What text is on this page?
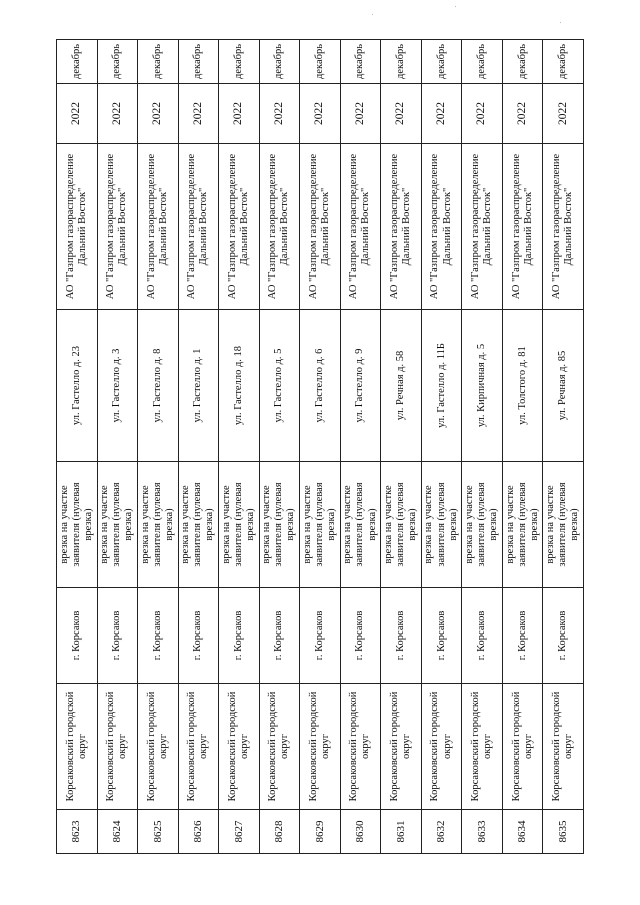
8623	Корсаковский городской округ	г. Корсаков	врезка на участке заявителя (нулевая врезка)	ул. Гастелло д. 23	АО "Газпром газораспределение Дальний Восток"	2022	декабрь
8624	Корсаковский городской округ	г. Корсаков	врезка на участке заявителя (нулевая врезка)	ул. Гастелло д. 3	АО "Газпром газораспределение Дальний Восток"	2022	декабрь
8625	Корсаковский городской округ	г. Корсаков	врезка на участке заявителя (нулевая врезка)	ул. Гастелло д. 8	АО "Газпром газораспределение Дальний Восток"	2022	декабрь
8626	Корсаковский городской округ	г. Корсаков	врезка на участке заявителя (нулевая врезка)	ул. Гастелло д. 1	АО "Газпром газораспределение Дальний Восток"	2022	декабрь
8627	Корсаковский городской округ	г. Корсаков	врезка на участке заявителя (нулевая врезка)	ул. Гастелло д. 18	АО "Газпром газораспределение Дальний Восток"	2022	декабрь
8628	Корсаковский городской округ	г. Корсаков	врезка на участке заявителя (нулевая врезка)	ул. Гастелло д. 5	АО "Газпром газораспределение Дальний Восток"	2022	декабрь
8629	Корсаковский городской округ	г. Корсаков	врезка на участке заявителя (нулевая врезка)	ул. Гастелло д. 6	АО "Газпром газораспределение Дальний Восток"	2022	декабрь
8630	Корсаковский городской округ	г. Корсаков	врезка на участке заявителя (нулевая врезка)	ул. Гастелло д. 9	АО "Газпром газораспределение Дальний Восток"	2022	декабрь
8631	Корсаковский городской округ	г. Корсаков	врезка на участке заявителя (нулевая врезка)	ул. Речная д. 58	АО "Газпром газораспределение Дальний Восток"	2022	декабрь
8632	Корсаковский городской округ	г. Корсаков	врезка на участке заявителя (нулевая врезка)	ул. Гастелло д. 11Б	АО "Газпром газораспределение Дальний Восток"	2022	декабрь
8633	Корсаковский городской округ	г. Корсаков	врезка на участке заявителя (нулевая врезка)	ул. Кирпичная д. 5	АО "Газпром газораспределение Дальний Восток"	2022	декабрь
8634	Корсаковский городской округ	г. Корсаков	врезка на участке заявителя (нулевая врезка)	ул. Толстого д. 81	АО "Газпром газораспределение Дальний Восток"	2022	декабрь
8635	Корсаковский городской округ	г. Корсаков	врезка на участке заявителя (нулевая врезка)	ул. Речная д. 85	АО "Газпром газораспределение Дальний Восток"	2022	декабрь
